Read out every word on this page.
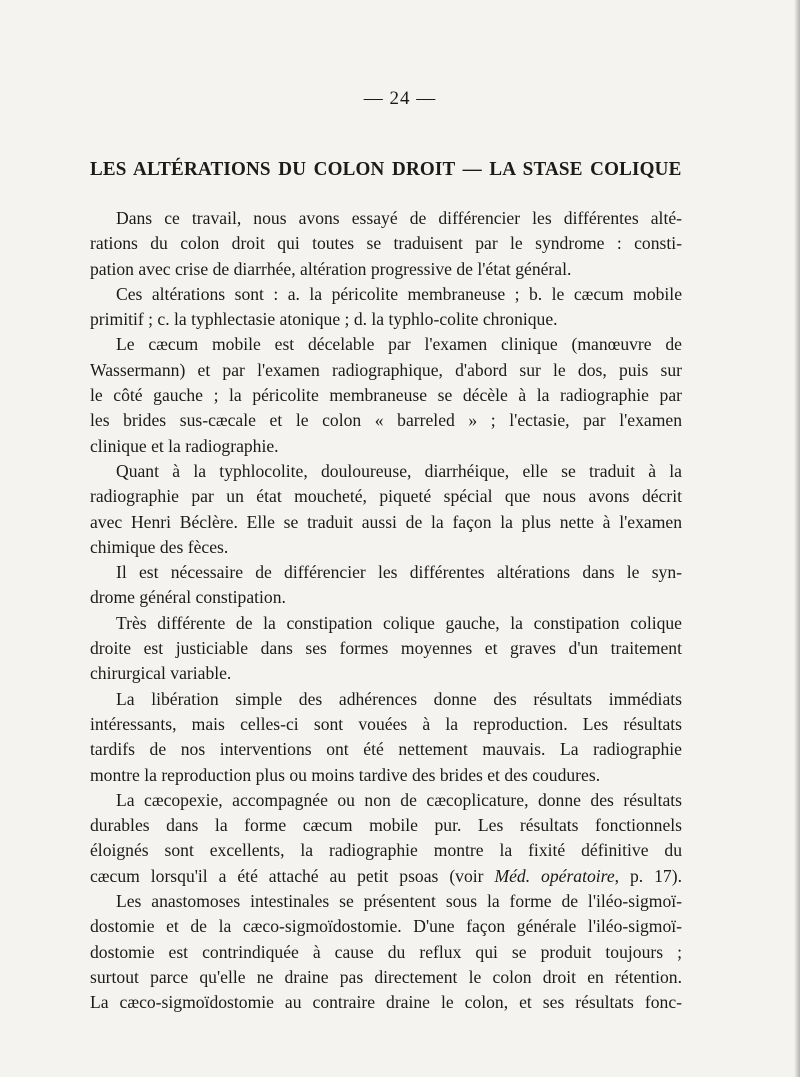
— 24 —
LES ALTÉRATIONS DU COLON DROIT — LA STASE COLIQUE
Dans ce travail, nous avons essayé de différencier les différentes alté-
rations du colon droit qui toutes se traduisent par le syndrome : consti-
pation avec crise de diarrhée, altération progressive de l'état général.
Ces altérations sont : a. la péricolite membraneuse ; b. le cæcum mobile
primitif ; c. la typhlectasie atonique ; d. la typhlo-colite chronique.
Le cæcum mobile est décelable par l'examen clinique (manœuvre de
Wassermann) et par l'examen radiographique, d'abord sur le dos, puis sur
le côté gauche ; la péricolite membraneuse se décèle à la radiographie par
les brides sus-cæcale et le colon « barreled » ; l'ectasie, par l'examen
clinique et la radiographie.
Quant à la typhlocolite, douloureuse, diarrhéique, elle se traduit à la
radiographie par un état moucheté, piqueté spécial que nous avons décrit
avec Henri Béclère. Elle se traduit aussi de la façon la plus nette à l'examen
chimique des fèces.
Il est nécessaire de différencier les différentes altérations dans le syn-
drome général constipation.
Très différente de la constipation colique gauche, la constipation colique
droite est justiciable dans ses formes moyennes et graves d'un traitement
chirurgical variable.
La libération simple des adhérences donne des résultats immédiats
intéressants, mais celles-ci sont vouées à la reproduction. Les résultats
tardifs de nos interventions ont été nettement mauvais. La radiographie
montre la reproduction plus ou moins tardive des brides et des coudures.
La cæcopexie, accompagnée ou non de cæcoplicature, donne des résultats
durables dans la forme cæcum mobile pur. Les résultats fonctionnels
éloignés sont excellents, la radiographie montre la fixité définitive du
cæcum lorsqu'il a été attaché au petit psoas (voir Méd. opératoire, p. 17).
Les anastomoses intestinales se présentent sous la forme de l'iléo-sigmoï-
dostomie et de la cæco-sigmoïdostomie. D'une façon générale l'iléo-sigmoï-
dostomie est contrindiquée à cause du reflux qui se produit toujours ;
surtout parce qu'elle ne draine pas directement le colon droit en rétention.
La cæco-sigmoïdostomie au contraire draine le colon, et ses résultats fonc-
